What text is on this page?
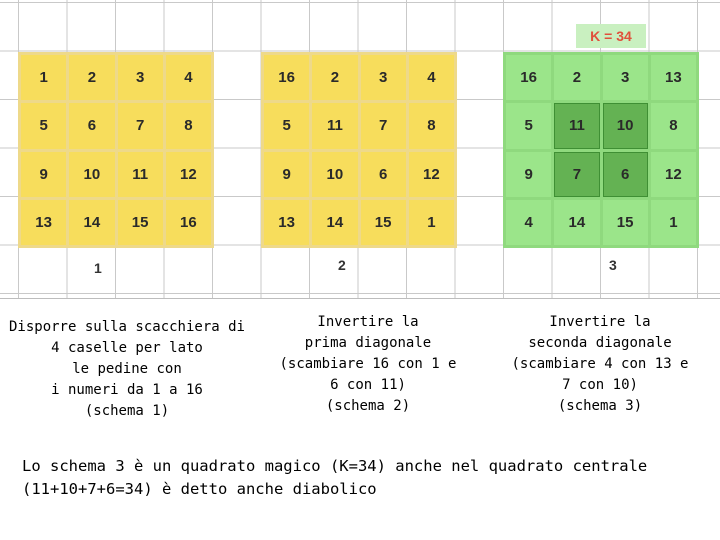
K = 34
1	2	3	4
5	6	7	8
9	10	11	12
13	14	15	16
16	2	3	4
5	11	7	8
9	10	6	12
13	14	15	1
16	2	3	13
5	11	10	8
9	7	6	12
4	14	15	1
1	2	3
Disporre sulla scacchiera di
4 caselle per lato
le pedine con
i numeri da 1 a 16
(schema 1)
Invertire la
prima diagonale
(scambiare 16 con 1 e
6 con 11)
(schema 2)
Invertire la
seconda diagonale
(scambiare 4 con 13 e
7 con 10)
(schema 3)
Lo schema 3 è un quadrato magico (K=34) anche nel quadrato centrale
(11+10+7+6=34) è detto anche diabolico
